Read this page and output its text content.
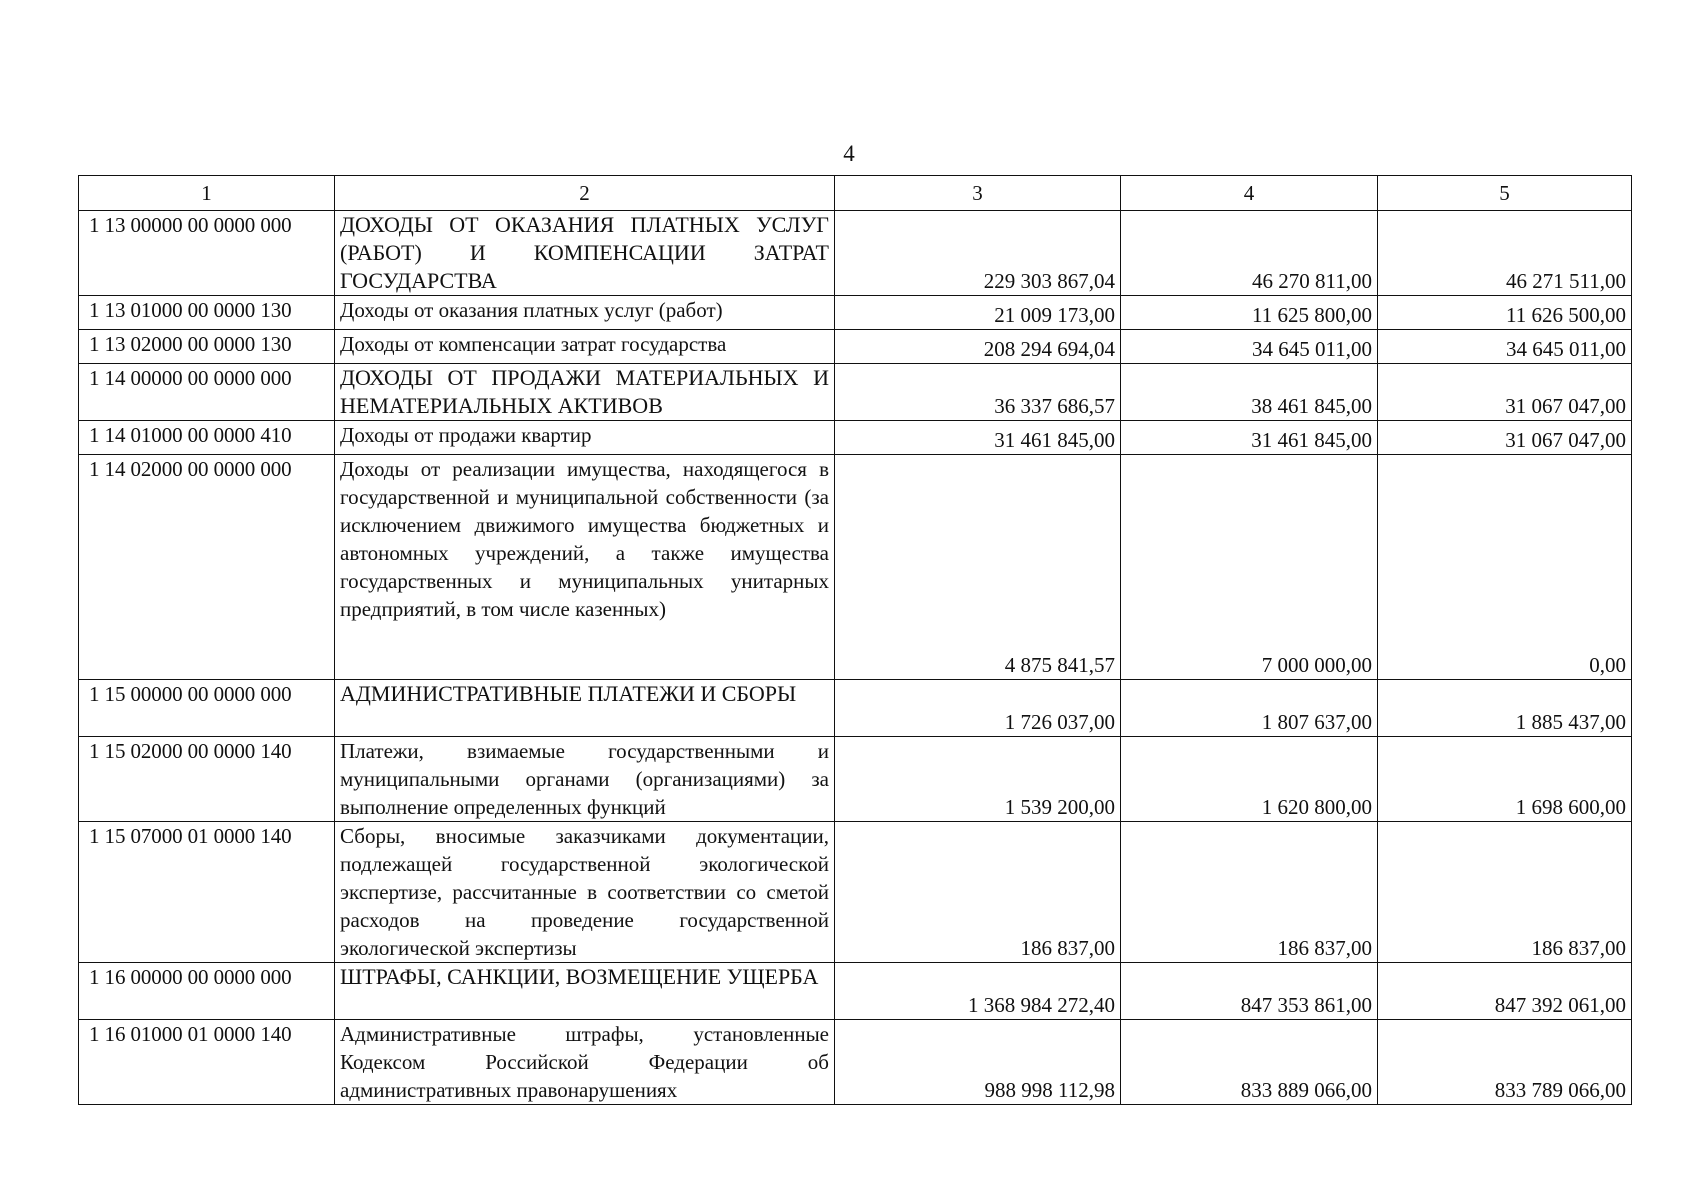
4
1	2	3	4	5
1 13 00000 00 0000 000	ДОХОДЫ ОТ ОКАЗАНИЯ ПЛАТНЫХ УСЛУГ (РАБОТ) И КОМПЕНСАЦИИ ЗАТРАТ ГОСУДАРСТВА	229 303 867,04	46 270 811,00	46 271 511,00
1 13 01000 00 0000 130	Доходы от оказания платных услуг (работ)	21 009 173,00	11 625 800,00	11 626 500,00
1 13 02000 00 0000 130	Доходы от компенсации затрат государства	208 294 694,04	34 645 011,00	34 645 011,00
1 14 00000 00 0000 000	ДОХОДЫ ОТ ПРОДАЖИ МАТЕРИАЛЬНЫХ И НЕМАТЕРИАЛЬНЫХ АКТИВОВ	36 337 686,57	38 461 845,00	31 067 047,00
1 14 01000 00 0000 410	Доходы от продажи квартир	31 461 845,00	31 461 845,00	31 067 047,00
1 14 02000 00 0000 000	Доходы от реализации имущества, находящегося в государственной и муниципальной собственности (за исключением движимого имущества бюджетных и автономных учреждений, а также имущества государственных и муниципальных унитарных предприятий, в том числе казенных)	4 875 841,57	7 000 000,00	0,00
1 15 00000 00 0000 000	АДМИНИСТРАТИВНЫЕ ПЛАТЕЖИ И СБОРЫ	1 726 037,00	1 807 637,00	1 885 437,00
1 15 02000 00 0000 140	Платежи, взимаемые государственными и муниципальными органами (организациями) за выполнение определенных функций	1 539 200,00	1 620 800,00	1 698 600,00
1 15 07000 01 0000 140	Сборы, вносимые заказчиками документации, подлежащей государственной экологической экспертизе, рассчитанные в соответствии со сметой расходов на проведение государственной экологической экспертизы	186 837,00	186 837,00	186 837,00
1 16 00000 00 0000 000	ШТРАФЫ, САНКЦИИ, ВОЗМЕЩЕНИЕ УЩЕРБА	1 368 984 272,40	847 353 861,00	847 392 061,00
1 16 01000 01 0000 140	Административные штрафы, установленные Кодексом Российской Федерации об административных правонарушениях	988 998 112,98	833 889 066,00	833 789 066,00
